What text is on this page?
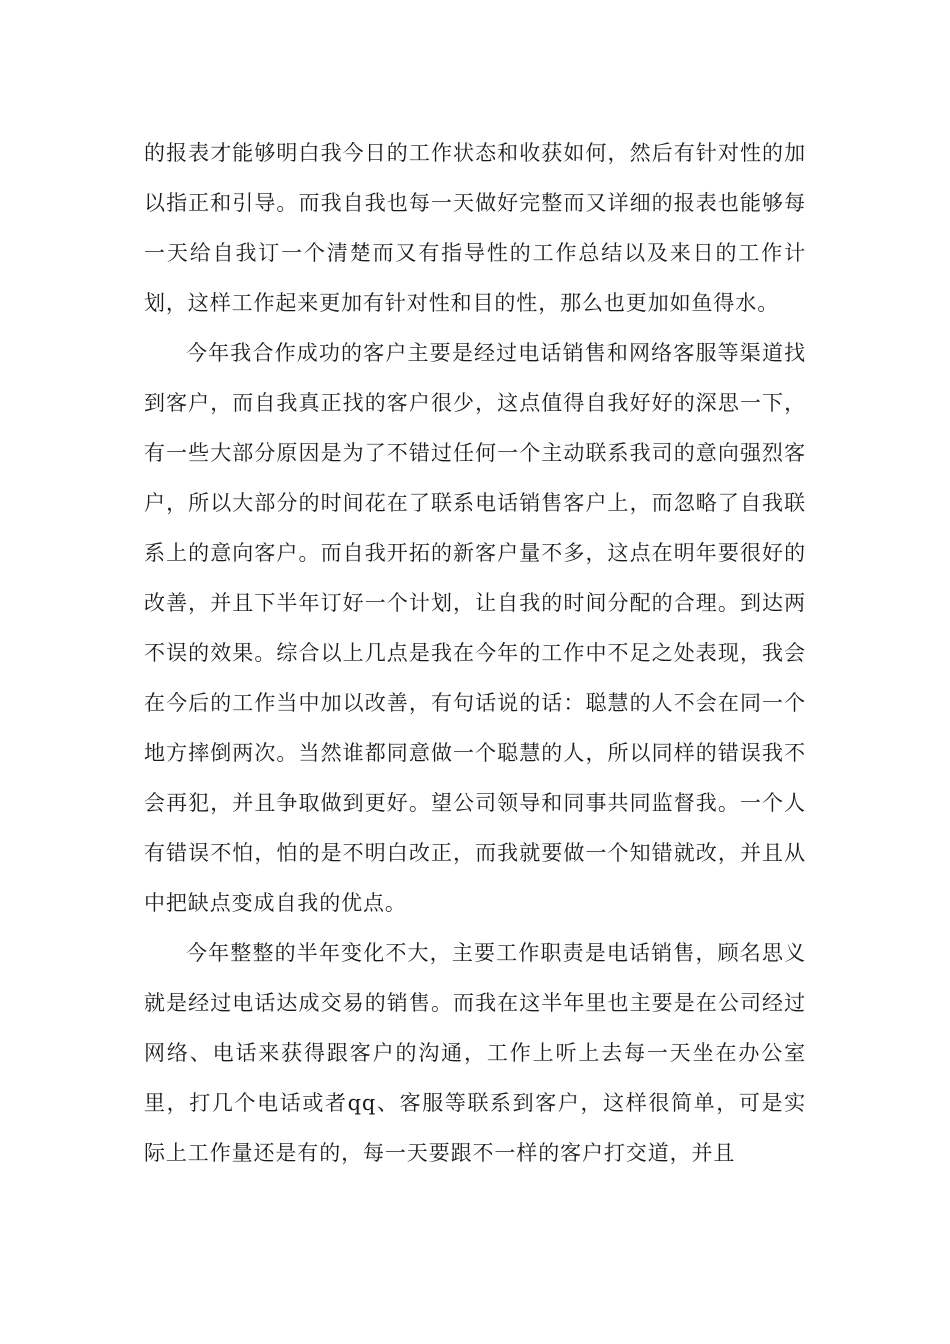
的报表才能够明白我今日的工作状态和收获如何，然后有针对性的加以指正和引导。而我自我也每一天做好完整而又详细的报表也能够每一天给自我订一个清楚而又有指导性的工作总结以及来日的工作计划，这样工作起来更加有针对性和目的性，那么也更加如鱼得水。

今年我合作成功的客户主要是经过电话销售和网络客服等渠道找到客户，而自我真正找的客户很少，这点值得自我好好的深思一下，有一些大部分原因是为了不错过任何一个主动联系我司的意向强烈客户，所以大部分的时间花在了联系电话销售客户上，而忽略了自我联系上的意向客户。而自我开拓的新客户量不多，这点在明年要很好的改善，并且下半年订好一个计划，让自我的时间分配的合理。到达两不误的效果。综合以上几点是我在今年的工作中不足之处表现，我会在今后的工作当中加以改善，有句话说的话：聪慧的人不会在同一个地方摔倒两次。当然谁都同意做一个聪慧的人，所以同样的错误我不会再犯，并且争取做到更好。望公司领导和同事共同监督我。一个人有错误不怕，怕的是不明白改正，而我就要做一个知错就改，并且从中把缺点变成自我的优点。

今年整整的半年变化不大，主要工作职责是电话销售，顾名思义就是经过电话达成交易的销售。而我在这半年里也主要是在公司经过网络、电话来获得跟客户的沟通，工作上听上去每一天坐在办公室里，打几个电话或者qq、客服等联系到客户，这样很简单，可是实际上工作量还是有的，每一天要跟不一样的客户打交道，并且
